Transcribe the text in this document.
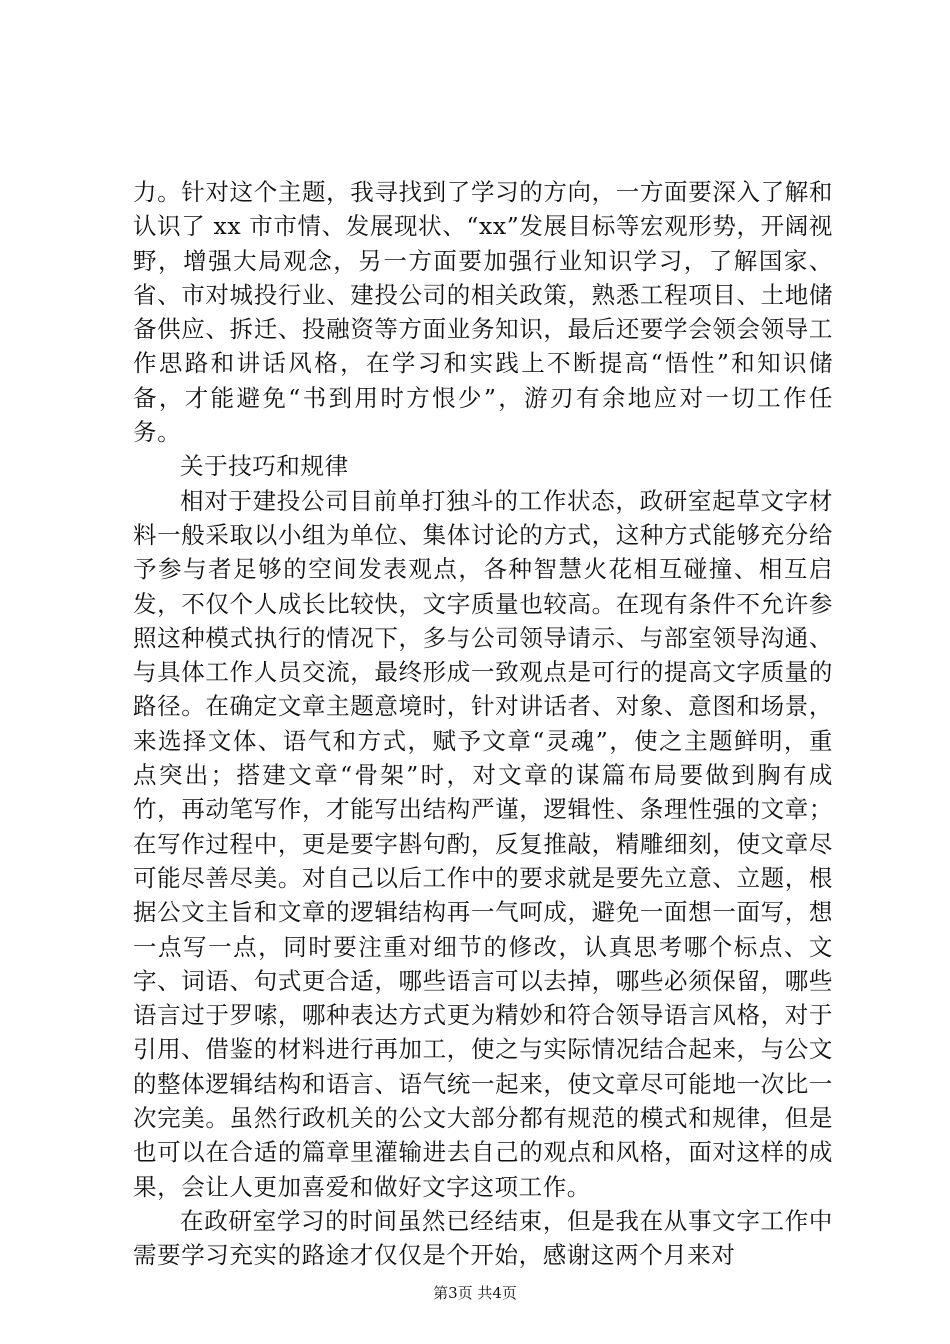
力。针对这个主题，我寻找到了学习的方向，一方面要深入了解和认识了 xx 市市情、发展现状、“xx”发展目标等宏观形势，开阔视野，增强大局观念，另一方面要加强行业知识学习，了解国家、省、市对城投行业、建投公司的相关政策，熟悉工程项目、土地储备供应、拆迁、投融资等方面业务知识，最后还要学会领会领导工作思路和讲话风格，在学习和实践上不断提高“悟性”和知识储备，才能避免“书到用时方恨少”，游刃有余地应对一切工作任务。

关于技巧和规律

相对于建投公司目前单打独斗的工作状态，政研室起草文字材料一般采取以小组为单位、集体讨论的方式，这种方式能够充分给予参与者足够的空间发表观点，各种智慧火花相互碰撞、相互启发，不仅个人成长比较快，文字质量也较高。在现有条件不允许参照这种模式执行的情况下，多与公司领导请示、与部室领导沟通、与具体工作人员交流，最终形成一致观点是可行的提高文字质量的路径。在确定文章主题意境时，针对讲话者、对象、意图和场景，来选择文体、语气和方式，赋予文章“灵魂”，使之主题鲜明，重点突出；搭建文章“骨架”时，对文章的谋篇布局要做到胸有成竹，再动笔写作，才能写出结构严谨，逻辑性、条理性强的文章；在写作过程中，更是要字斟句酌，反复推敲，精雕细刻，使文章尽可能尽善尽美。对自己以后工作中的要求就是要先立意、立题，根据公文主旨和文章的逻辑结构再一气呵成，避免一面想一面写，想一点写一点，同时要注重对细节的修改，认真思考哪个标点、文字、词语、句式更合适，哪些语言可以去掉，哪些必须保留，哪些语言过于罗嗦，哪种表达方式更为精妙和符合领导语言风格，对于引用、借鉴的材料进行再加工，使之与实际情况结合起来，与公文的整体逻辑结构和语言、语气统一起来，使文章尽可能地一次比一次完美。虽然行政机关的公文大部分都有规范的模式和规律，但是也可以在合适的篇章里灌输进去自己的观点和风格，面对这样的成果，会让人更加喜爱和做好文字这项工作。

在政研室学习的时间虽然已经结束，但是我在从事文字工作中需要学习充实的路途才仅仅是个开始，感谢这两个月来对

第3页 共4页
